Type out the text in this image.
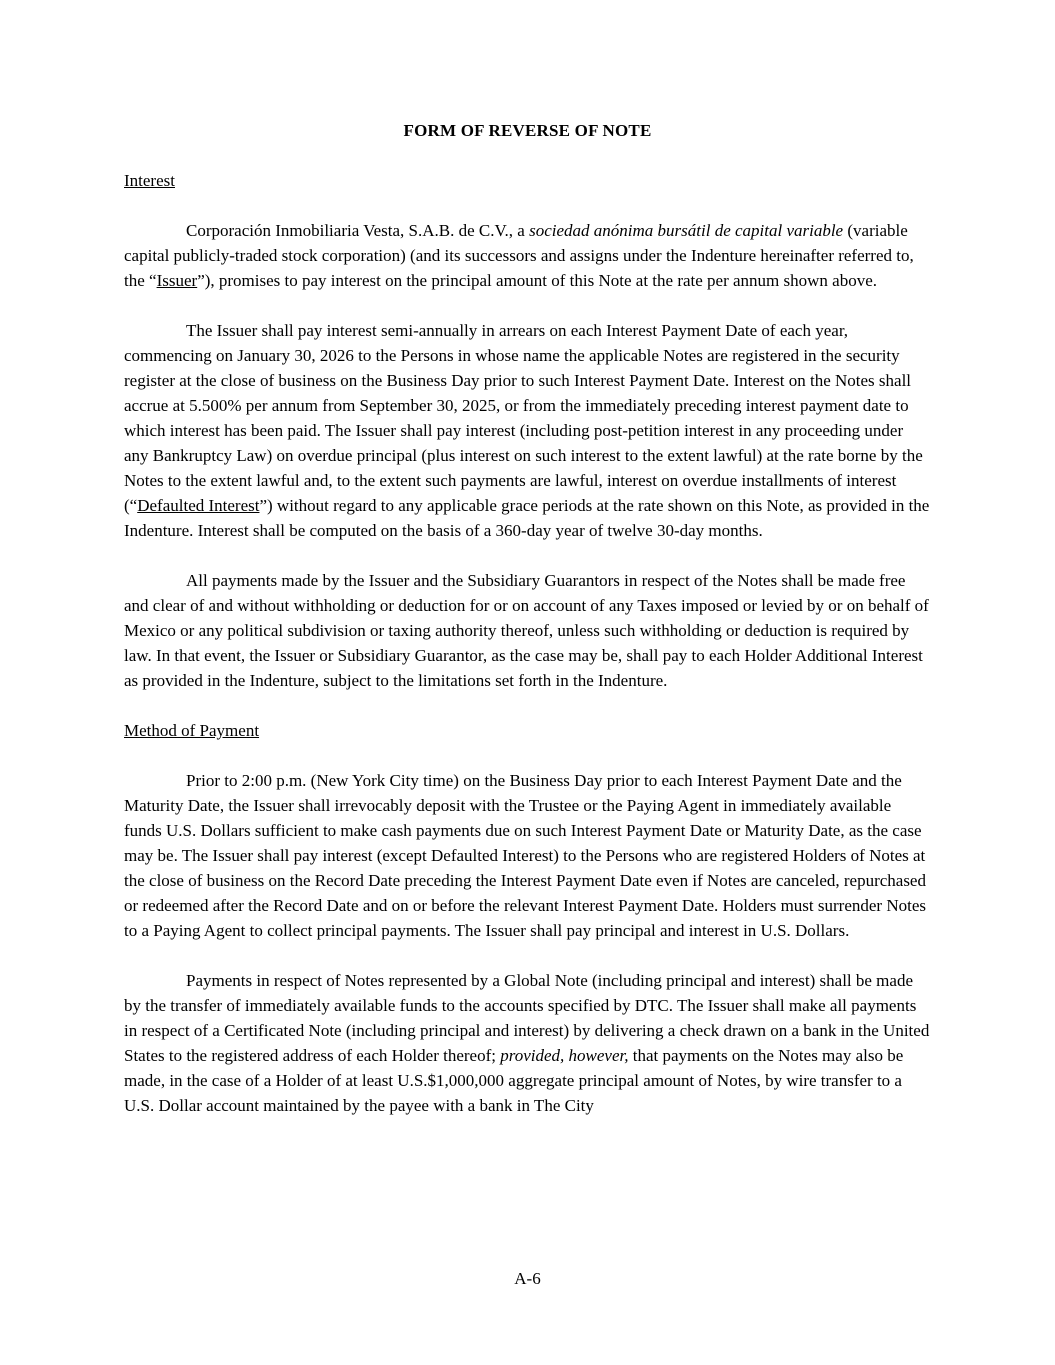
FORM OF REVERSE OF NOTE
Interest

Corporación Inmobiliaria Vesta, S.A.B. de C.V., a sociedad anónima bursátil de capital variable (variable capital publicly-traded stock corporation) (and its successors and assigns under the Indenture hereinafter referred to, the “Issuer”), promises to pay interest on the principal amount of this Note at the rate per annum shown above.

The Issuer shall pay interest semi-annually in arrears on each Interest Payment Date of each year, commencing on January 30, 2026 to the Persons in whose name the applicable Notes are registered in the security register at the close of business on the Business Day prior to such Interest Payment Date. Interest on the Notes shall accrue at 5.500% per annum from September 30, 2025, or from the immediately preceding interest payment date to which interest has been paid. The Issuer shall pay interest (including post-petition interest in any proceeding under any Bankruptcy Law) on overdue principal (plus interest on such interest to the extent lawful) at the rate borne by the Notes to the extent lawful and, to the extent such payments are lawful, interest on overdue installments of interest (“Defaulted Interest”) without regard to any applicable grace periods at the rate shown on this Note, as provided in the Indenture. Interest shall be computed on the basis of a 360-day year of twelve 30-day months.

All payments made by the Issuer and the Subsidiary Guarantors in respect of the Notes shall be made free and clear of and without withholding or deduction for or on account of any Taxes imposed or levied by or on behalf of Mexico or any political subdivision or taxing authority thereof, unless such withholding or deduction is required by law. In that event, the Issuer or Subsidiary Guarantor, as the case may be, shall pay to each Holder Additional Interest as provided in the Indenture, subject to the limitations set forth in the Indenture.

Method of Payment

Prior to 2:00 p.m. (New York City time) on the Business Day prior to each Interest Payment Date and the Maturity Date, the Issuer shall irrevocably deposit with the Trustee or the Paying Agent in immediately available funds U.S. Dollars sufficient to make cash payments due on such Interest Payment Date or Maturity Date, as the case may be. The Issuer shall pay interest (except Defaulted Interest) to the Persons who are registered Holders of Notes at the close of business on the Record Date preceding the Interest Payment Date even if Notes are canceled, repurchased or redeemed after the Record Date and on or before the relevant Interest Payment Date. Holders must surrender Notes to a Paying Agent to collect principal payments. The Issuer shall pay principal and interest in U.S. Dollars.

Payments in respect of Notes represented by a Global Note (including principal and interest) shall be made by the transfer of immediately available funds to the accounts specified by DTC. The Issuer shall make all payments in respect of a Certificated Note (including principal and interest) by delivering a check drawn on a bank in the United States to the registered address of each Holder thereof; provided, however, that payments on the Notes may also be made, in the case of a Holder of at least U.S.$1,000,000 aggregate principal amount of Notes, by wire transfer to a U.S. Dollar account maintained by the payee with a bank in The City

A-6
